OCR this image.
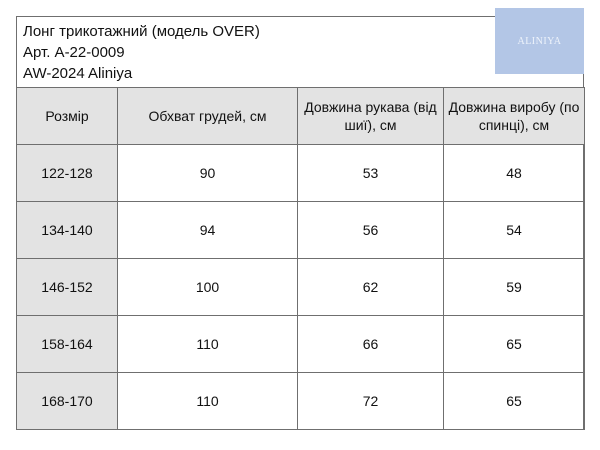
Лонг трикотажний (модель OVER)
Арт. А-22-0009
AW-2024 Aliniya
ALINIYA
Розмір	Обхват грудей, см	Довжина рукава (від шиї), см	Довжина виробу (по спинці), см
122-128	90	53	48
134-140	94	56	54
146-152	100	62	59
158-164	110	66	65
168-170	110	72	65
